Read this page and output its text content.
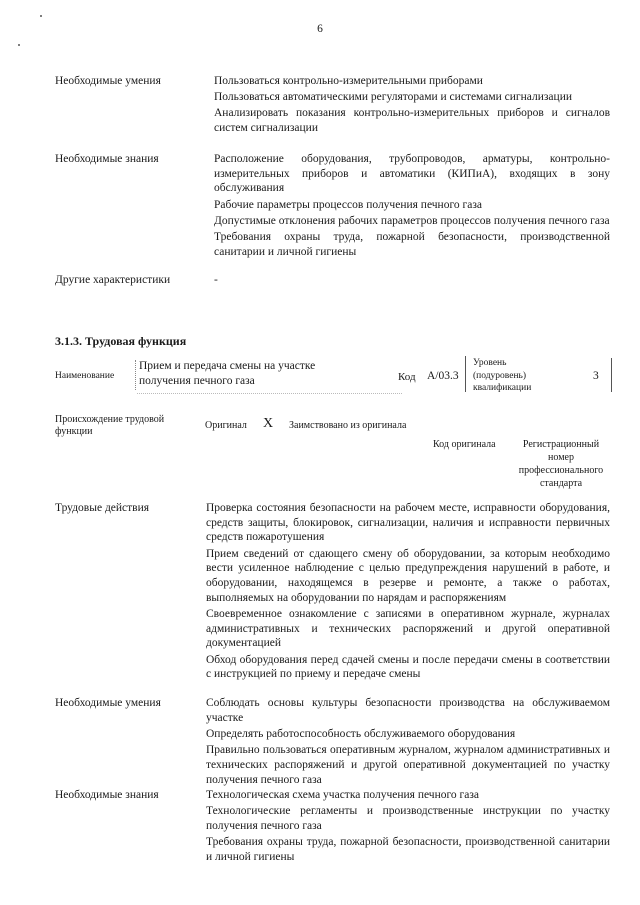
6
Необходимые умения	Пользоваться контрольно-измерительными приборами

Пользоваться автоматическими регуляторами и системами сигнализации

Анализировать показания контрольно-измерительных приборов и сигналов систем сигнализации

Необходимые знания	Расположение оборудования, трубопроводов, арматуры, контрольно-измерительных приборов и автоматики (КИПиА), входящих в зону обслуживания

Рабочие параметры процессов получения печного газа

Допустимые отклонения рабочих параметров процессов получения печного газа

Требования охраны труда, пожарной безопасности, производственной санитарии и личной гигиены

Другие характеристики	-

3.1.3. Трудовая функция
Наименование
Прием и передача смены на участке получения печного газа	Код А/03.3
Уровень (подуровень) квалификации
3
Происхождение трудовой функции
Оригинал X Заимствовано из оригинала
Код оригинала	Регистрационный номер профессионального стандарта
Трудовые действия	Проверка состояния безопасности на рабочем месте, исправности оборудования, средств защиты, блокировок, сигнализации, наличия и исправности первичных средств пожаротушения

Прием сведений от сдающего смену об оборудовании, за которым необходимо вести усиленное наблюдение с целью предупреждения нарушений в работе, и оборудовании, находящемся в резерве и ремонте, а также о работах, выполняемых на оборудовании по нарядам и распоряжениям

Своевременное ознакомление с записями в оперативном журнале, журналах административных и технических распоряжений и другой оперативной документацией

Обход оборудования перед сдачей смены и после передачи смены в соответствии с инструкцией по приему и передаче смены

Необходимые умения	Соблюдать основы культуры безопасности производства на обслуживаемом участке

Определять работоспособность обслуживаемого оборудования

Правильно пользоваться оперативным журналом, журналом административных и технических распоряжений и другой оперативной документацией по участку получения печного газа

Необходимые знания	Технологическая схема участка получения печного газа

Технологические регламенты и производственные инструкции по участку получения печного газа

Требования охраны труда, пожарной безопасности, производственной санитарии и личной гигиены
